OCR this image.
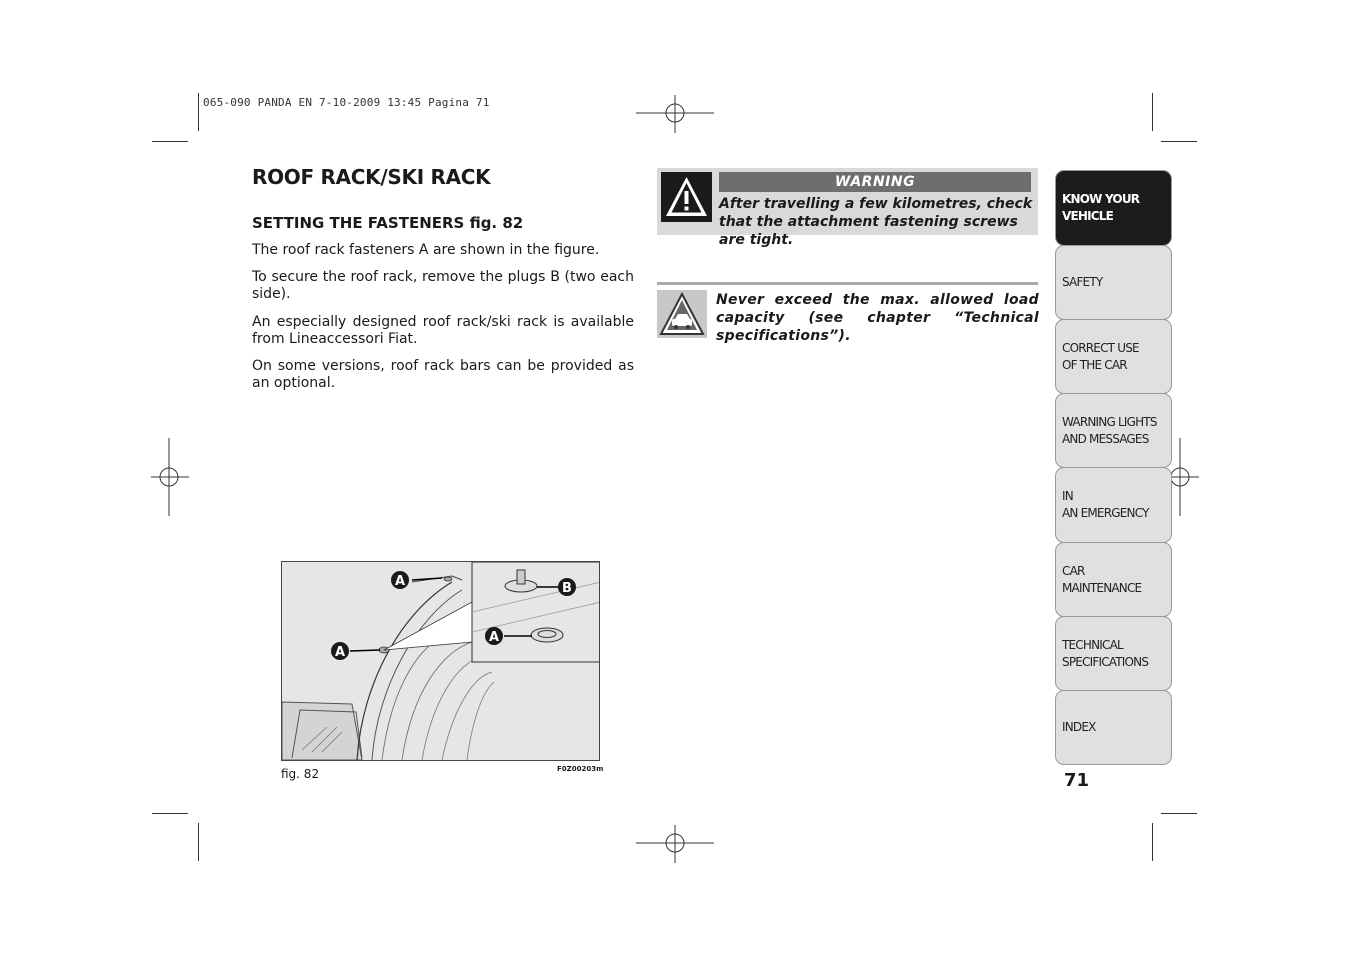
065-090 PANDA EN 7-10-2009 13:45 Pagina 71
ROOF RACK/SKI RACK
SETTING THE FASTENERS fig. 82

The roof rack fasteners A are shown in the figure.

To secure the roof rack, remove the plugs B (two each side).

An especially designed roof rack/ski rack is available from Lineaccessori Fiat.

On some versions, roof rack bars can be provided as an optional.

A
A
B
A
fig. 82	F0Z00203m
WARNING
After travelling a few kilometres, check that the attachment fastening screws are tight.
Never exceed the max. allowed load capacity (see chapter “Technical specifications”).
KNOW YOUR
VEHICLE
SAFETY
CORRECT USE
OF THE CAR
WARNING LIGHTS
AND MESSAGES
IN
AN EMERGENCY
CAR
MAINTENANCE
TECHNICAL
SPECIFICATIONS
INDEX
71
